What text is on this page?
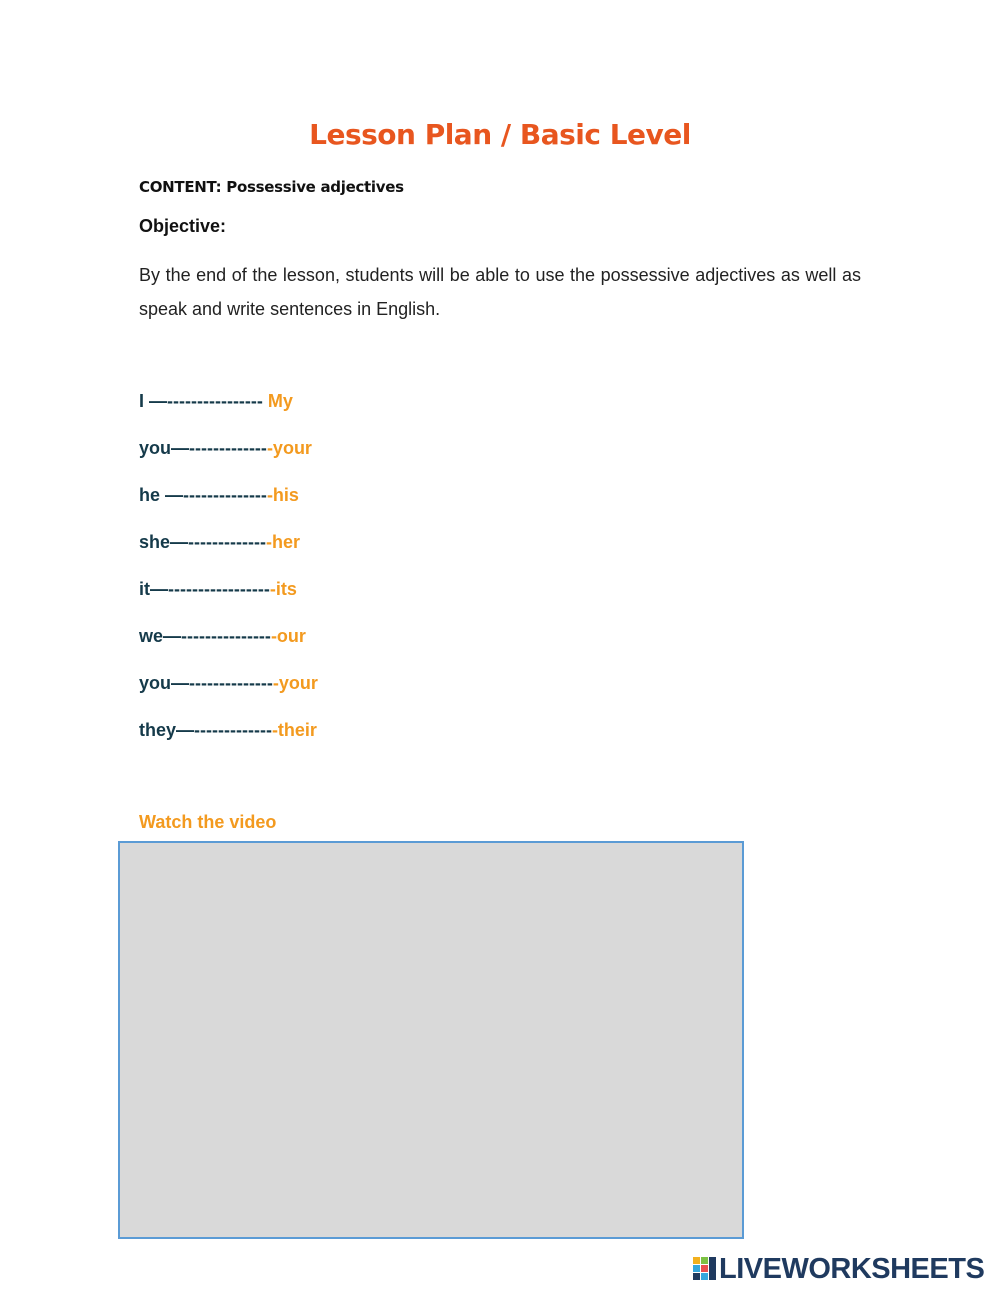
Lesson Plan / Basic Level
CONTENT: Possessive adjectives
Objective:
By the end of the lesson, students will be able to use the possessive adjectives as well as speak and write sentences in English.
I —---------------- My
you—--------------your
he —---------------his
she—--------------her
it—------------------its
we—----------------our
you—---------------your
they—--------------their
Watch the video
LIVEWORKSHEETS
